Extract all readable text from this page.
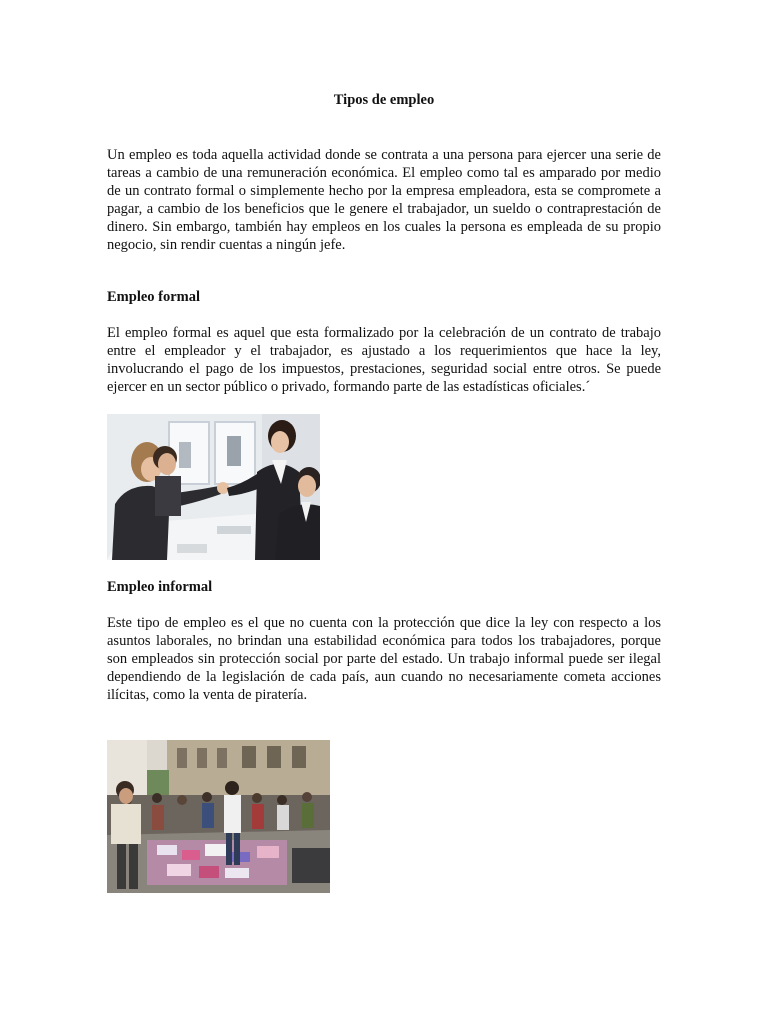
Tipos de empleo

Un empleo es toda aquella actividad donde se contrata a una persona para ejercer una serie de tareas a cambio de una remuneración económica. El empleo como tal es amparado por medio de un contrato formal o simplemente hecho por la empresa empleadora, esta se compromete a pagar, a cambio de los beneficios que le genere el trabajador, un sueldo o contraprestación de dinero. Sin embargo, también hay empleos en los cuales la persona es empleada de su propio negocio, sin rendir cuentas a ningún jefe.

Empleo formal

El empleo formal es aquel que esta formalizado por la celebración de un contrato de trabajo entre el empleador y el trabajador, es ajustado a los requerimientos que hace la ley, involucrando el pago de los impuestos, prestaciones, seguridad social entre otros. Se puede ejercer en un sector público o privado, formando parte de las estadísticas oficiales.´

Empleo informal

Este tipo de empleo es el que no cuenta con la protección que dice la ley con respecto a los asuntos laborales, no brindan una estabilidad económica para todos los trabajadores, porque son empleados sin protección social por parte del estado. Un trabajo informal puede ser ilegal dependiendo de la legislación de cada país, aun cuando no necesariamente cometa acciones ilícitas, como la venta de piratería.
